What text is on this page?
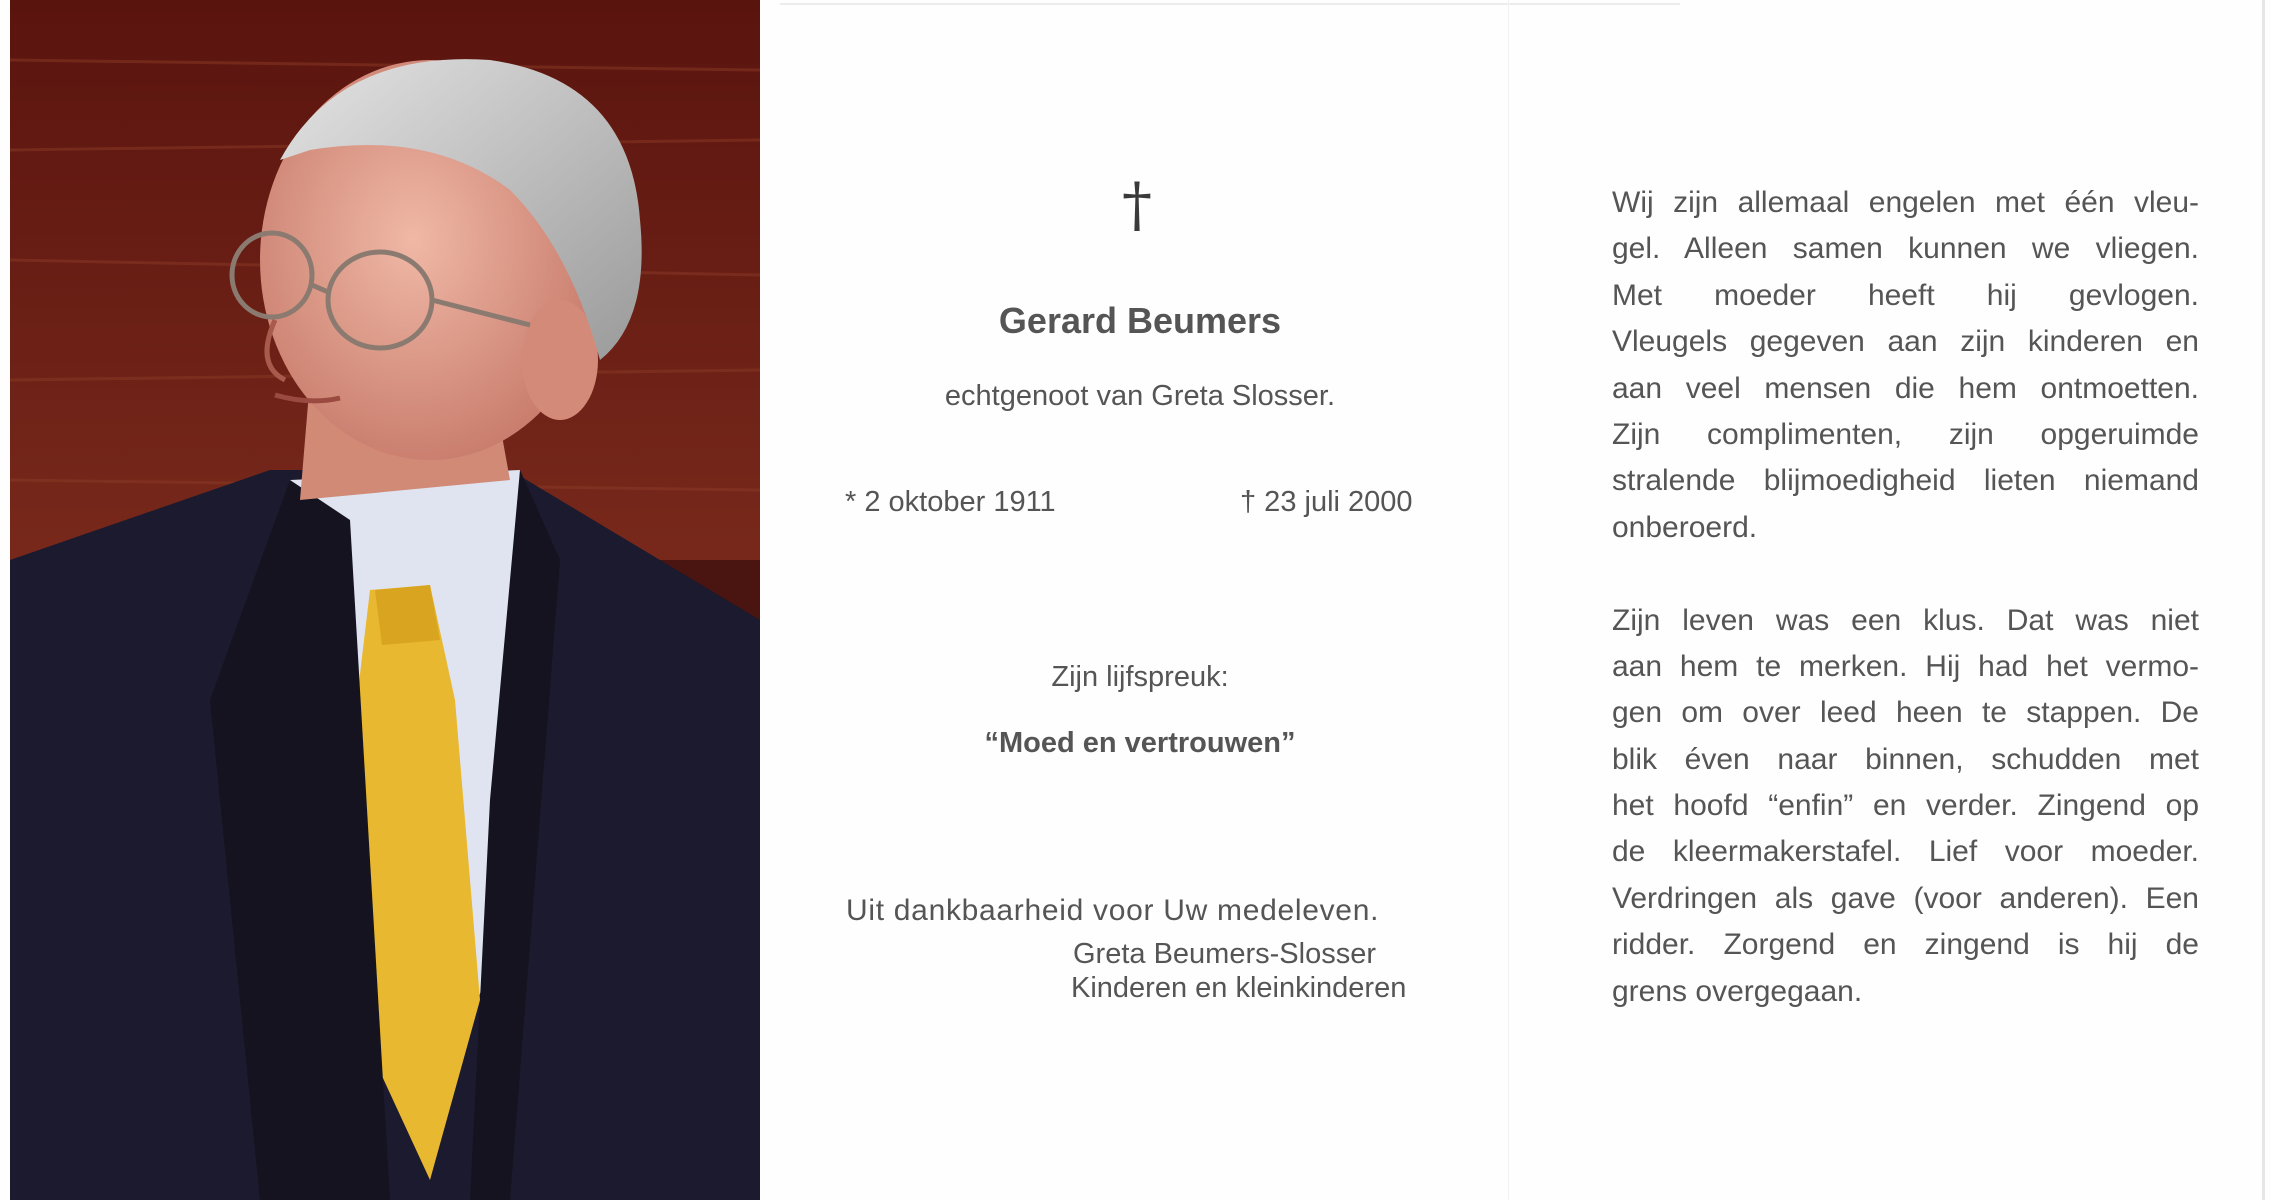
†
Gerard Beumers
echtgenoot van Greta Slosser.
* 2 oktober 1911	† 23 juli 2000
Zijn lijfspreuk:
“Moed en vertrouwen”
Uit dankbaarheid voor Uw medeleven.
Greta Beumers-Slosser
Kinderen en kleinkinderen
Wij zijn allemaal engelen met één vleu-
gel. Alleen samen kunnen we vliegen.
Met moeder heeft hij gevlogen.
Vleugels gegeven aan zijn kinderen en
aan veel mensen die hem ontmoetten.
Zijn complimenten, zijn opgeruimde
stralende blijmoedigheid lieten niemand
onberoerd.
Zijn leven was een klus. Dat was niet
aan hem te merken. Hij had het vermo-
gen om over leed heen te stappen. De
blik éven naar binnen, schudden met
het hoofd “enfin” en verder. Zingend op
de kleermakerstafel. Lief voor moeder.
Verdringen als gave (voor anderen). Een
ridder. Zorgend en zingend is hij de
grens overgegaan.
